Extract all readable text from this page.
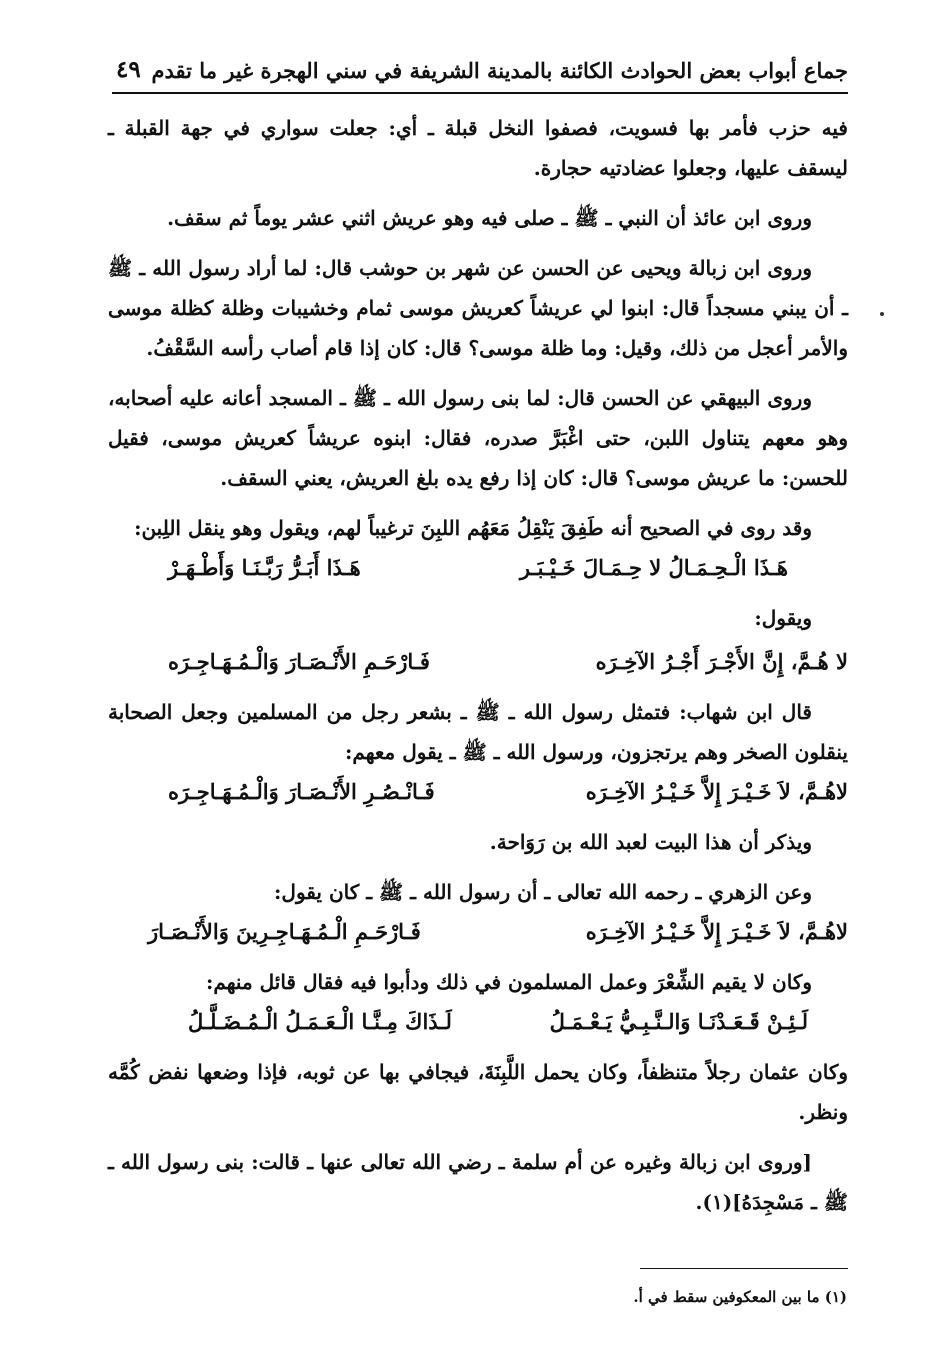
جماع أبواب بعض الحوادث الكائنة بالمدينة الشريفة في سني الهجرة غير ما تقدم
٤٩

فيه حزب فأمر بها فسويت، فصفوا النخل قبلة ـ أي: جعلت سواري في جهة القبلة ـ ليسقف عليها، وجعلوا عضادتيه حجارة.

وروى ابن عائذ أن النبي ـ ﷺ ـ صلى فيه وهو عريش اثني عشر يوماً ثم سقف.

وروى ابن زبالة ويحيى عن الحسن عن شهر بن حوشب قال: لما أراد رسول الله ـ ﷺ ـ أن يبني مسجداً قال: ابنوا لي عريشاً كعريش موسى ثمام وخشيبات وظلة كظلة موسى والأمر أعجل من ذلك، وقيل: وما ظلة موسى؟ قال: كان إذا قام أصاب رأسه السَّقْفُ.

وروى البيهقي عن الحسن قال: لما بنى رسول الله ـ ﷺ ـ المسجد أعانه عليه أصحابه، وهو معهم يتناول اللبن، حتى اغْبَرَّ صدره، فقال: ابنوه عريشاً كعريش موسى، فقيل للحسن: ما عريش موسى؟ قال: كان إذا رفع يده بلغ العريش، يعني السقف.

وقد روى في الصحيح أنه طَفِقَ يَنْقِلُ مَعَهُم اللبِنَ ترغيباً لهم، ويقول وهو ينقل اللِبن:

هَـذَا الْـحِـمَـالُ لا حِـمَـالَ خَـيْـبَـر
هَـذَا أَبَـرُّ رَبَّـنَـا وَأَطْـهَـرْ

ويقول:

لا هُـمَّ، إِنَّ الأَجْـرَ أَجْـرُ الآخِـرَه
فَـارْحَـمِ الأَنْـصَـارَ وَالْـمُـهَـاجِـرَه

قال ابن شهاب: فتمثل رسول الله ـ ﷺ ـ بشعر رجل من المسلمين وجعل الصحابة ينقلون الصخر وهم يرتجزون، ورسول الله ـ ﷺ ـ يقول معهم:

لاهُـمَّ، لاَ خَـيْـرَ إِلاَّ خَـيْـرُ الآخِـرَه
فَـانْـصُـرِ الأَنْـصَـارَ وَالْـمُـهَـاجِـرَه

ويذكر أن هذا البيت لعبد الله بن رَوَاحة.

وعن الزهري ـ رحمه الله تعالى ـ أن رسول الله ـ ﷺ ـ كان يقول:

لاهُـمَّ، لاَ خَـيْـرَ إِلاَّ خَـيْـرُ الآخِـرَه
فَـارْحَـمِ الْـمُـهَـاجِـرِينَ وَالأَنْـصَـارَ

وكان لا يقيم الشِّعْرَ وعمل المسلمون في ذلك ودأبوا فيه فقال قائل منهم:

لَـئِـنْ قَـعَـدْنَـا وَالـنَّـبِـيُّ يَـعْـمَـلُ
لَـذَاكَ مِـنَّـا الْـعَـمَـلُ الْـمُـضَـلَّـلُ

وكان عثمان رجلاً متنظفاً، وكان يحمل اللَّبِنَةَ، فيجافي بها عن ثوبه، فإذا وضعها نفض كُمَّه ونظر.

[وروى ابن زبالة وغيره عن أم سلمة ـ رضي الله تعالى عنها ـ قالت: بنى رسول الله ـ ﷺ ـ مَسْجِدَهُ](١).

(١) ما بين المعكوفين سقط في أ.
